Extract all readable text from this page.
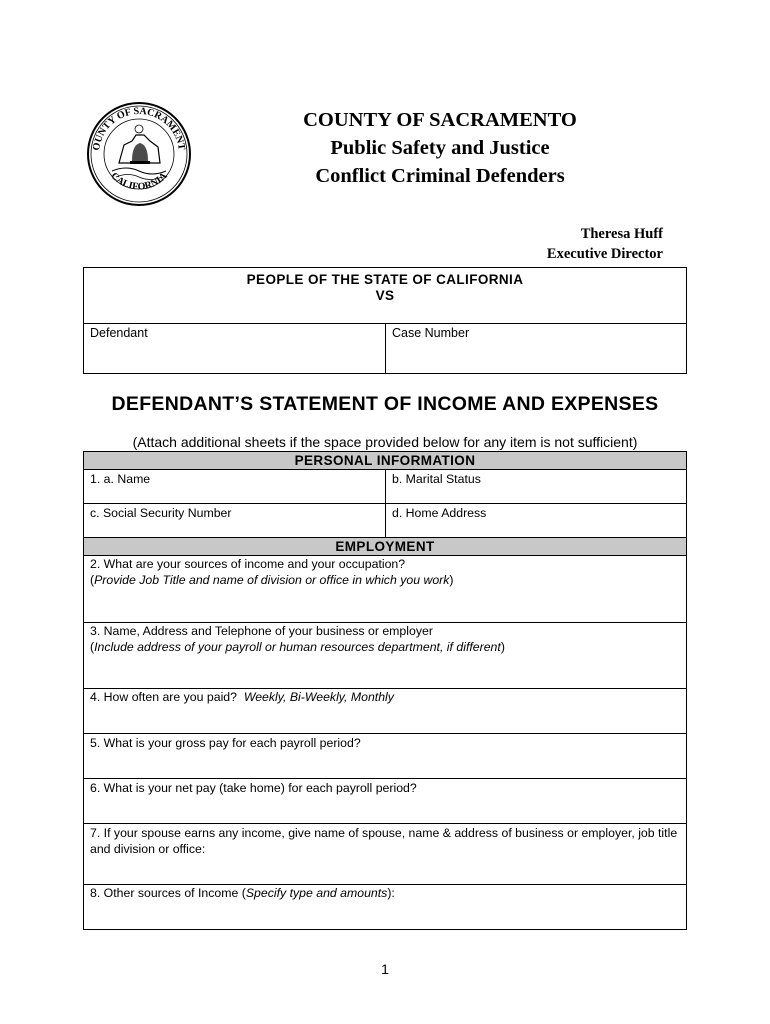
OUNTY OF SACRAMENT
CALIFORNIA
COUNTY OF SACRAMENTO
Public Safety and Justice
Conflict Criminal Defenders
Theresa Huff
Executive Director
PEOPLE OF THE STATE OF CALIFORNIA
VS
Defendant	Case Number
DEFENDANT’S STATEMENT OF INCOME AND EXPENSES
(Attach additional sheets if the space provided below for any item is not sufficient)
PERSONAL INFORMATION
1. a. Name	b. Marital Status
c. Social Security Number	d. Home Address
EMPLOYMENT
2. What are your sources of income and your occupation?
(Provide Job Title and name of division or office in which you work)
3. Name, Address and Telephone of your business or employer
(Include address of your payroll or human resources department, if different)
4. How often are you paid? Weekly, Bi-Weekly, Monthly
5. What is your gross pay for each payroll period?
6. What is your net pay (take home) for each payroll period?
7. If your spouse earns any income, give name of spouse, name & address of business or employer, job title and division or office:
8. Other sources of Income (Specify type and amounts):
1
